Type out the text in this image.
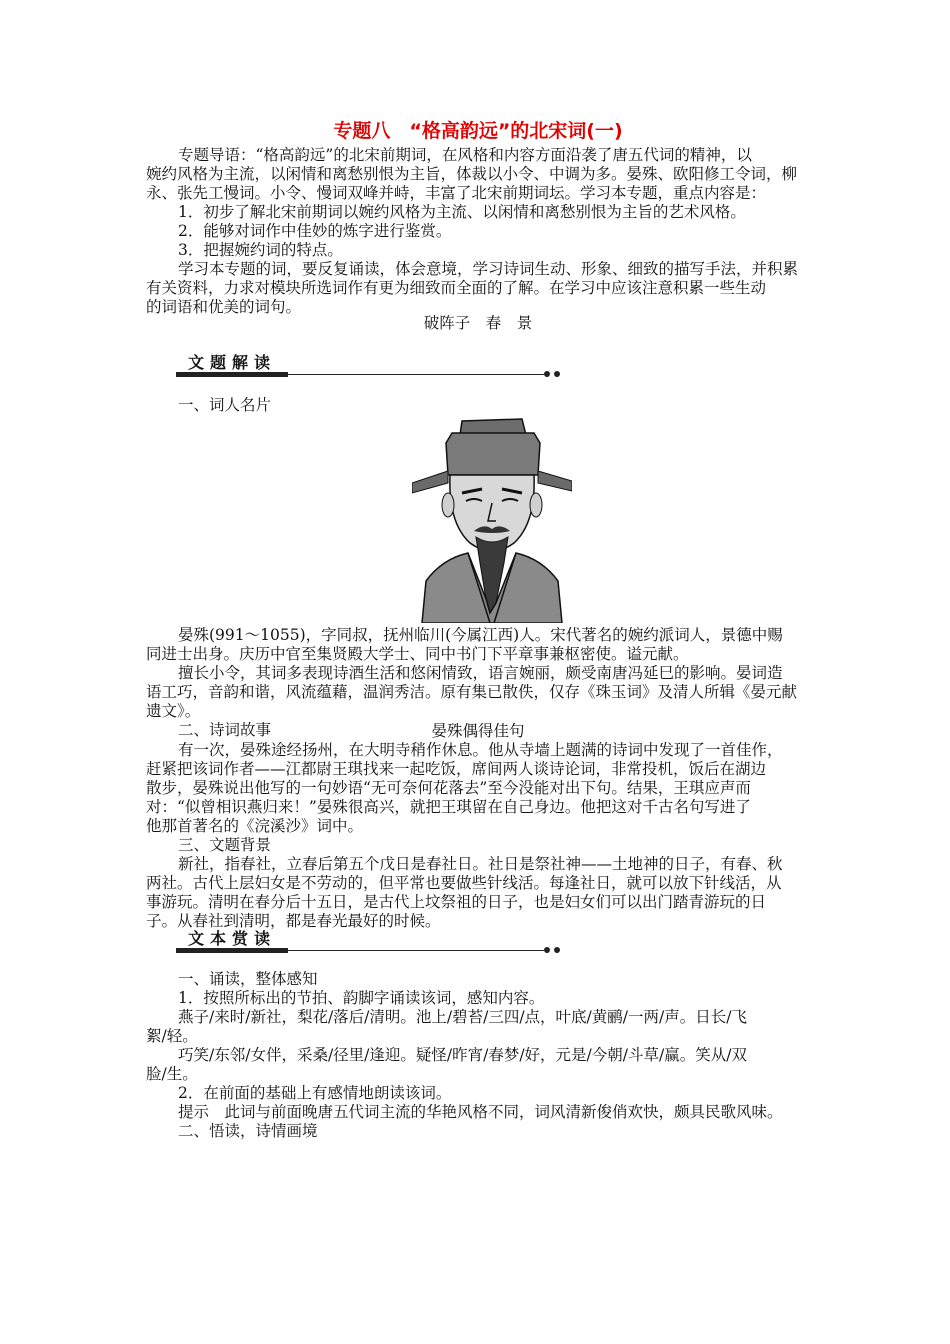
专题八　“格高韵远”的北宋词(一)
专题导语：“格高韵远”的北宋前期词，在风格和内容方面沿袭了唐五代词的精神，以
婉约风格为主流，以闲情和离愁别恨为主旨，体裁以小令、中调为多。晏殊、欧阳修工令词，柳
永、张先工慢词。小令、慢词双峰并峙，丰富了北宋前期词坛。学习本专题，重点内容是：
1．初步了解北宋前期词以婉约风格为主流、以闲情和离愁别恨为主旨的艺术风格。
2．能够对词作中佳妙的炼字进行鉴赏。
3．把握婉约词的特点。
学习本专题的词，要反复诵读，体会意境，学习诗词生动、形象、细致的描写手法，并积累
有关资料，力求对模块所选词作有更为细致而全面的了解。在学习中应该注意积累一些生动
的词语和优美的词句。
破阵子　春　景
文题解读
一、词人名片
晏殊(991～1055)，字同叔，抚州临川(今属江西)人。宋代著名的婉约派词人，景德中赐
同进士出身。庆历中官至集贤殿大学士、同中书门下平章事兼枢密使。谥元献。
擅长小令，其词多表现诗酒生活和悠闲情致，语言婉丽，颇受南唐冯延巳的影响。晏词造
语工巧，音韵和谐，风流蕴藉，温润秀洁。原有集已散佚，仅存《珠玉词》及清人所辑《晏元献
遗文》。
二、诗词故事	晏殊偶得佳句
有一次，晏殊途经扬州，在大明寺稍作休息。他从寺墙上题满的诗词中发现了一首佳作，
赶紧把该词作者——江都尉王琪找来一起吃饭，席间两人谈诗论词，非常投机，饭后在湖边
散步，晏殊说出他写的一句妙语“无可奈何花落去”至今没能对出下句。结果，王琪应声而
对：“似曾相识燕归来！”晏殊很高兴，就把王琪留在自己身边。他把这对千古名句写进了
他那首著名的《浣溪沙》词中。
三、文题背景
新社，指春社，立春后第五个戊日是春社日。社日是祭社神——土地神的日子，有春、秋
两社。古代上层妇女是不劳动的，但平常也要做些针线活。每逢社日，就可以放下针线活，从
事游玩。清明在春分后十五日，是古代上坟祭祖的日子，也是妇女们可以出门踏青游玩的日
子。从春社到清明，都是春光最好的时候。
文本赏读
一、诵读，整体感知
1．按照所标出的节拍、韵脚字诵读该词，感知内容。
燕子/来时/新社，梨花/落后/清明。池上/碧苔/三四/点，叶底/黄鹂/一两/声。日长/飞
絮/轻。
巧笑/东邻/女伴，采桑/径里/逢迎。疑怪/昨宵/春梦/好，元是/今朝/斗草/赢。笑从/双
脸/生。
2．在前面的基础上有感情地朗读该词。
提示　此词与前面晚唐五代词主流的华艳风格不同，词风清新俊俏欢快，颇具民歌风味。
二、悟读，诗情画境
